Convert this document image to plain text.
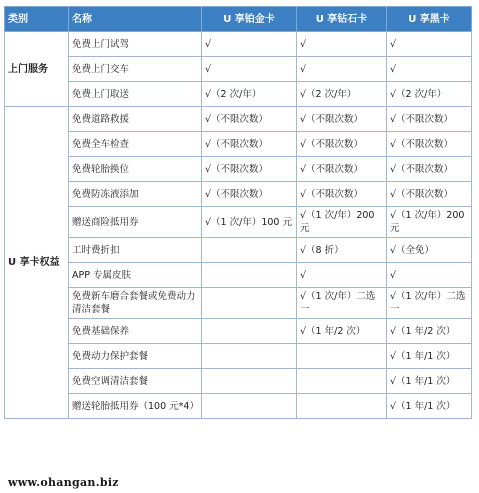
类别	名称	U 享铂金卡	U 享钻石卡	U 享黑卡
上门服务	免费上门试驾	√	√	√
	免费上门交车	√	√	√
	免费上门取送	√（2 次/年）	√（2 次/年）	√（2 次/年）
U 享卡权益	免费道路救援	√（不限次数）	√（不限次数）	√（不限次数）
	免费全车检查	√（不限次数）	√（不限次数）	√（不限次数）
	免费轮胎换位	√（不限次数）	√（不限次数）	√（不限次数）
	免费防冻液添加	√（不限次数）	√（不限次数）	√（不限次数）
	赠送商险抵用券	√（1 次/年）100 元	√（1 次/年）200 元	√（1 次/年）200 元
	工时费折扣		√（8 折）	√（全免）
	APP 专属皮肤		√	√
	免费新车磨合套餐或免费动力清洁套餐		√（1 次/年）二选一	√（1 次/年）二选一
	免费基础保养		√（1 年/2 次）	√（1 年/2 次）
	免费动力保护套餐			√（1 年/1 次）
	免费空调清洁套餐			√（1 年/1 次）
	赠送轮胎抵用券（100 元*4）			√（1 年/1 次）
www.ohangan.biz
